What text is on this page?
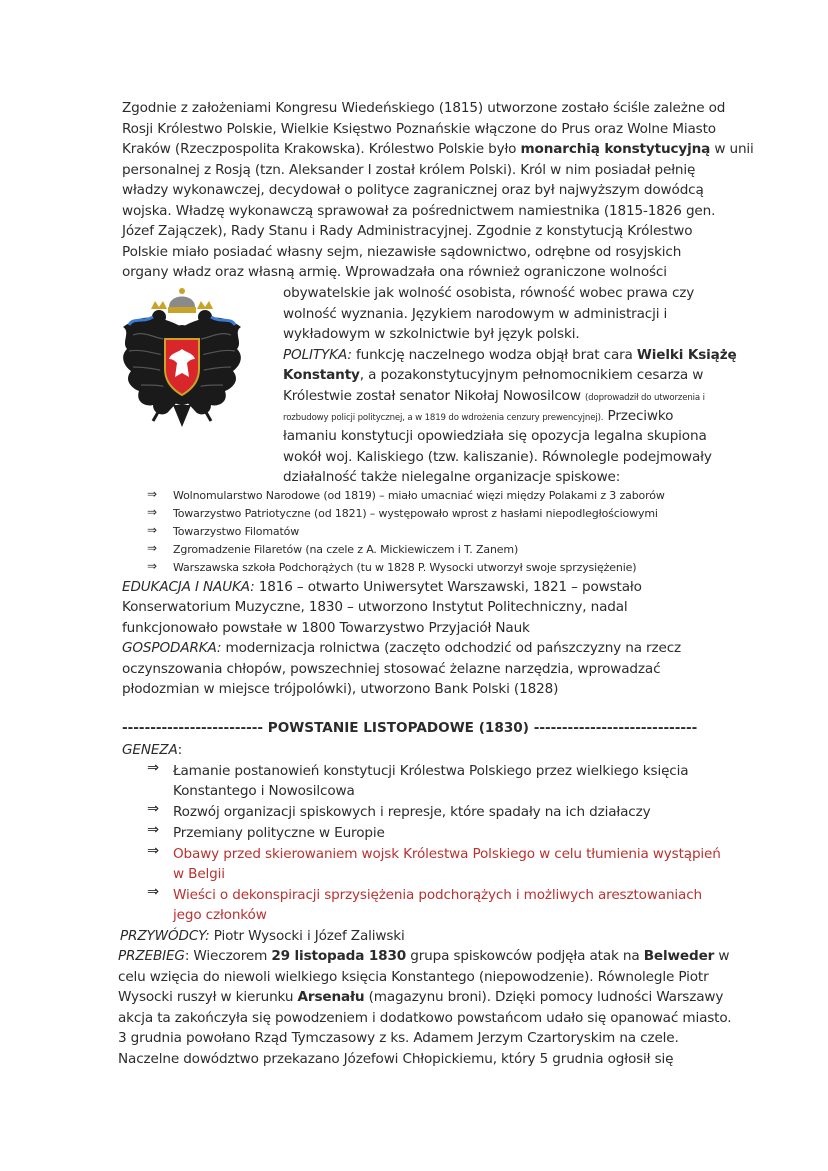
Zgodnie z założeniami Kongresu Wiedeńskiego (1815) utworzone zostało ściśle zależne od
Rosji Królestwo Polskie, Wielkie Księstwo Poznańskie włączone do Prus oraz Wolne Miasto
Kraków (Rzeczpospolita Krakowska). Królestwo Polskie było monarchią konstytucyjną w unii
personalnej z Rosją (tzn. Aleksander I został królem Polski). Król w nim posiadał pełnię
władzy wykonawczej, decydował o polityce zagranicznej oraz był najwyższym dowódcą
wojska. Władzę wykonawczą sprawował za pośrednictwem namiestnika (1815-1826 gen.
Józef Zajączek), Rady Stanu i Rady Administracyjnej. Zgodnie z konstytucją Królestwo
Polskie miało posiadać własny sejm, niezawisłe sądownictwo, odrębne od rosyjskich
organy władz oraz własną armię. Wprowadzała ona również ograniczone wolności
obywatelskie jak wolność osobista, równość wobec prawa czy
wolność wyznania. Językiem narodowym w administracji i
wykładowym w szkolnictwie był język polski.
POLITYKA: funkcję naczelnego wodza objął brat cara Wielki Książę
Konstanty, a pozakonstytucyjnym pełnomocnikiem cesarza w
Królestwie został senator Nikołaj Nowosilcow (doprowadził do utworzenia i
rozbudowy policji politycznej, a w 1819 do wdrożenia cenzury prewencyjnej). Przeciwko
łamaniu konstytucji opowiedziała się opozycja legalna skupiona
wokół woj. Kaliskiego (tzw. kaliszanie). Równolegle podejmowały
działalność także nielegalne organizacje spiskowe:
⇒ Wolnomularstwo Narodowe (od 1819) – miało umacniać więzi między Polakami z 3 zaborów
⇒ Towarzystwo Patriotyczne (od 1821) – występowało wprost z hasłami niepodległościowymi
⇒ Towarzystwo Filomatów
⇒ Zgromadzenie Filaretów (na czele z A. Mickiewiczem i T. Zanem)
⇒ Warszawska szkoła Podchorążych (tu w 1828 P. Wysocki utworzył swoje sprzysiężenie)
EDUKACJA I NAUKA: 1816 – otwarto Uniwersytet Warszawski, 1821 – powstało
Konserwatorium Muzyczne, 1830 – utworzono Instytut Politechniczny, nadal
funkcjonowało powstałe w 1800 Towarzystwo Przyjaciół Nauk
GOSPODARKA: modernizacja rolnictwa (zaczęto odchodzić od pańszczyzny na rzecz
oczynszowania chłopów, powszechniej stosować żelazne narzędzia, wprowadzać
płodozmian w miejsce trójpolówki), utworzono Bank Polski (1828)
------------------------- POWSTANIE LISTOPADOWE (1830) -----------------------------
GENEZA:
⇒ Łamanie postanowień konstytucji Królestwa Polskiego przez wielkiego księcia
Konstantego i Nowosilcowa
⇒ Rozwój organizacji spiskowych i represje, które spadały na ich działaczy
⇒ Przemiany polityczne w Europie
⇒ Obawy przed skierowaniem wojsk Królestwa Polskiego w celu tłumienia wystąpień
w Belgii
⇒ Wieści o dekonspiracji sprzysiężenia podchorążych i możliwych aresztowaniach
jego członków
PRZYWÓDCY: Piotr Wysocki i Józef Zaliwski
PRZEBIEG: Wieczorem 29 listopada 1830 grupa spiskowców podjęła atak na Belweder w
celu wzięcia do niewoli wielkiego księcia Konstantego (niepowodzenie). Równolegle Piotr
Wysocki ruszył w kierunku Arsenału (magazynu broni). Dzięki pomocy ludności Warszawy
akcja ta zakończyła się powodzeniem i dodatkowo powstańcom udało się opanować miasto.
3 grudnia powołano Rząd Tymczasowy z ks. Adamem Jerzym Czartoryskim na czele.
Naczelne dowództwo przekazano Józefowi Chłopickiemu, który 5 grudnia ogłosił się
